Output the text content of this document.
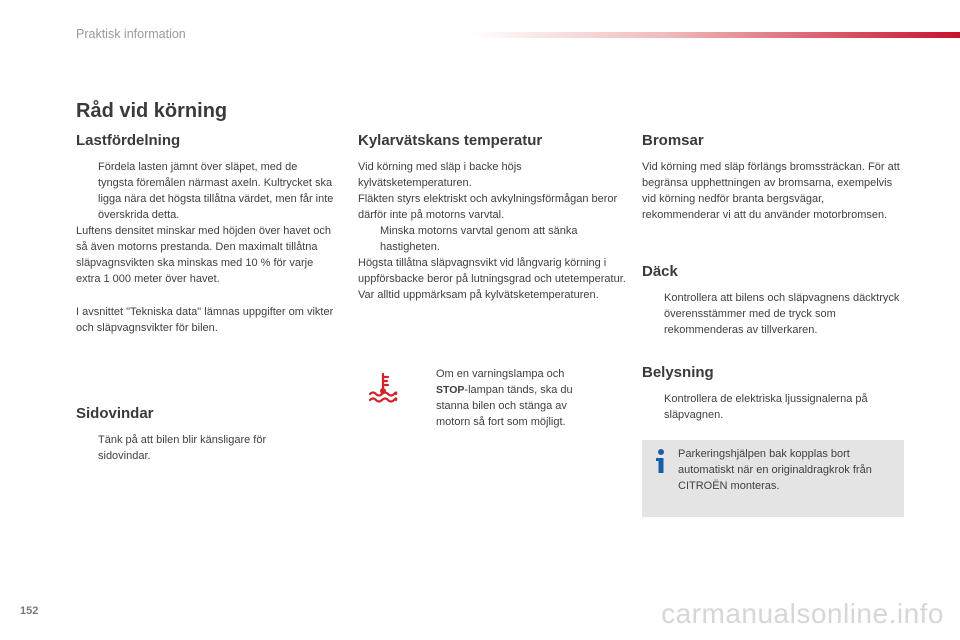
Praktisk information
Råd vid körning
Lastfördelning
Fördela lasten jämnt över släpet, med de tyngsta föremålen närmast axeln. Kultrycket ska ligga nära det högsta tillåtna värdet, men får inte överskrida detta.

Luftens densitet minskar med höjden över havet och så även motorns prestanda. Den maximalt tillåtna släpvagnsvikten ska minskas med 10 % för varje extra 1 000 meter över havet.

I avsnittet "Tekniska data" lämnas uppgifter om vikter och släpvagnsvikter för bilen.

Sidovindar
Tänk på att bilen blir känsligare för sidovindar.
Kylarvätskans temperatur

Vid körning med släp i backe höjs kylvätsketemperaturen.

Fläkten styrs elektriskt och avkylningsförmågan beror därför inte på motorns varvtal.

Minska motorns varvtal genom att sänka hastigheten.

Högsta tillåtna släpvagnsvikt vid långvarig körning i uppförsbacke beror på lutningsgrad och utetemperatur.

Var alltid uppmärksam på kylvätsketemperaturen.

Om en varningslampa och
STOP-lampan tänds, ska du stanna bilen och stänga av motorn så fort som möjligt.
Bromsar

Vid körning med släp förlängs bromssträckan. För att begränsa upphettningen av bromsarna, exempelvis vid körning nedför branta bergsvägar, rekommenderar vi att du använder motorbromsen.

Däck
Kontrollera att bilens och släpvagnens däcktryck överensstämmer med de tryck som rekommenderas av tillverkaren.
Belysning
Kontrollera de elektriska ljussignalerna på släpvagnen.
Parkeringshjälpen bak kopplas bort automatiskt när en originaldragkrok från CITROËN monteras.
152	carmanualsonline.info
